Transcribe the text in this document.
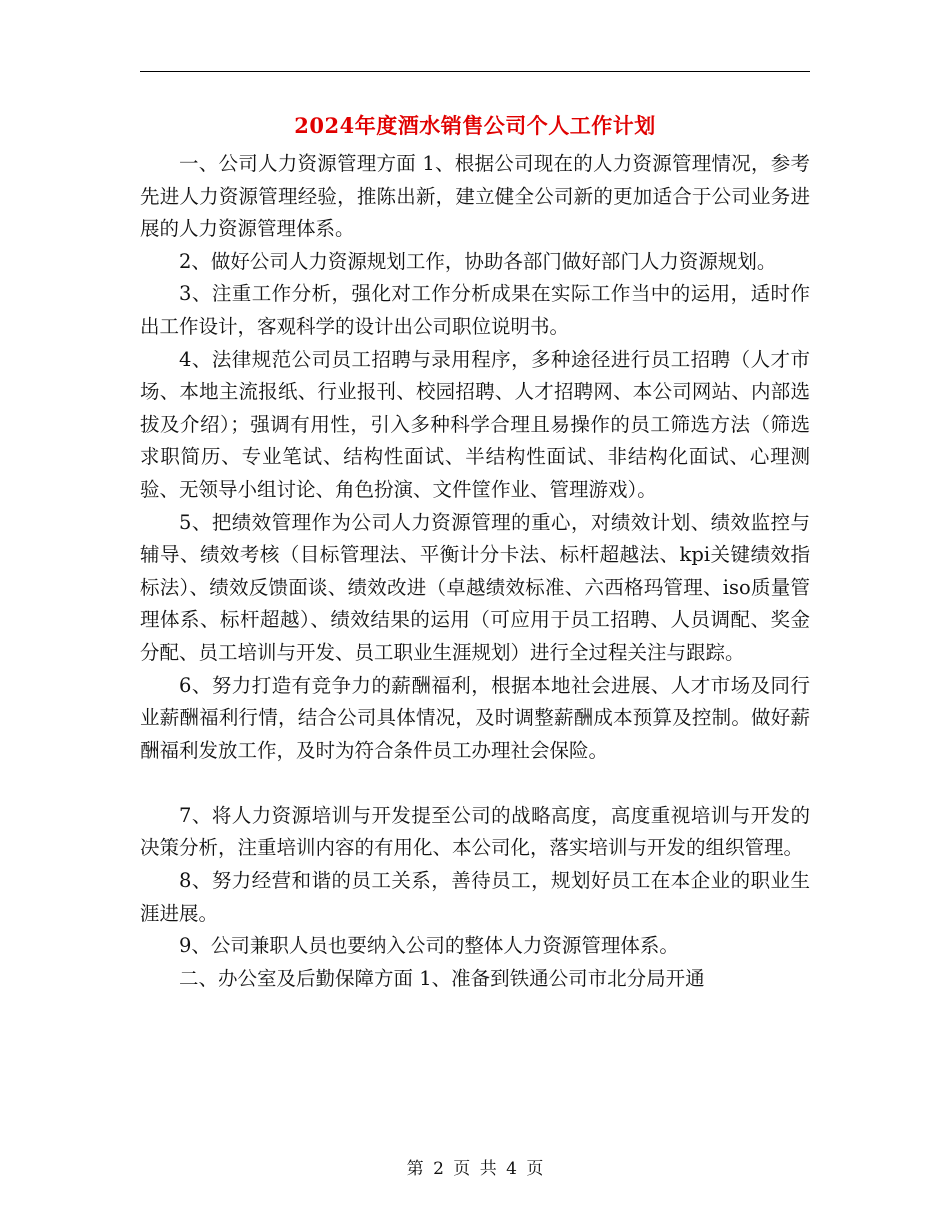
2024年度酒水销售公司个人工作计划

一、公司人力资源管理方面 1、根据公司现在的人力资源管理情况，参考先进人力资源管理经验，推陈出新，建立健全公司新的更加适合于公司业务进展的人力资源管理体系。

2、做好公司人力资源规划工作，协助各部门做好部门人力资源规划。

3、注重工作分析，强化对工作分析成果在实际工作当中的运用，适时作出工作设计，客观科学的设计出公司职位说明书。

4、法律规范公司员工招聘与录用程序，多种途径进行员工招聘（人才市场、本地主流报纸、行业报刊、校园招聘、人才招聘网、本公司网站、内部选拔及介绍）；强调有用性，引入多种科学合理且易操作的员工筛选方法（筛选求职简历、专业笔试、结构性面试、半结构性面试、非结构化面试、心理测验、无领导小组讨论、角色扮演、文件筐作业、管理游戏）。

5、把绩效管理作为公司人力资源管理的重心，对绩效计划、绩效监控与辅导、绩效考核（目标管理法、平衡计分卡法、标杆超越法、kpi关键绩效指标法）、绩效反馈面谈、绩效改进（卓越绩效标准、六西格玛管理、iso质量管理体系、标杆超越）、绩效结果的运用（可应用于员工招聘、人员调配、奖金分配、员工培训与开发、员工职业生涯规划）进行全过程关注与跟踪。

6、努力打造有竞争力的薪酬福利，根据本地社会进展、人才市场及同行业薪酬福利行情，结合公司具体情况，及时调整薪酬成本预算及控制。做好薪酬福利发放工作，及时为符合条件员工办理社会保险。

7、将人力资源培训与开发提至公司的战略高度，高度重视培训与开发的决策分析，注重培训内容的有用化、本公司化，落实培训与开发的组织管理。

8、努力经营和谐的员工关系，善待员工，规划好员工在本企业的职业生涯进展。

9、公司兼职人员也要纳入公司的整体人力资源管理体系。

二、办公室及后勤保障方面 1、准备到铁通公司市北分局开通

第 2 页 共 4 页
